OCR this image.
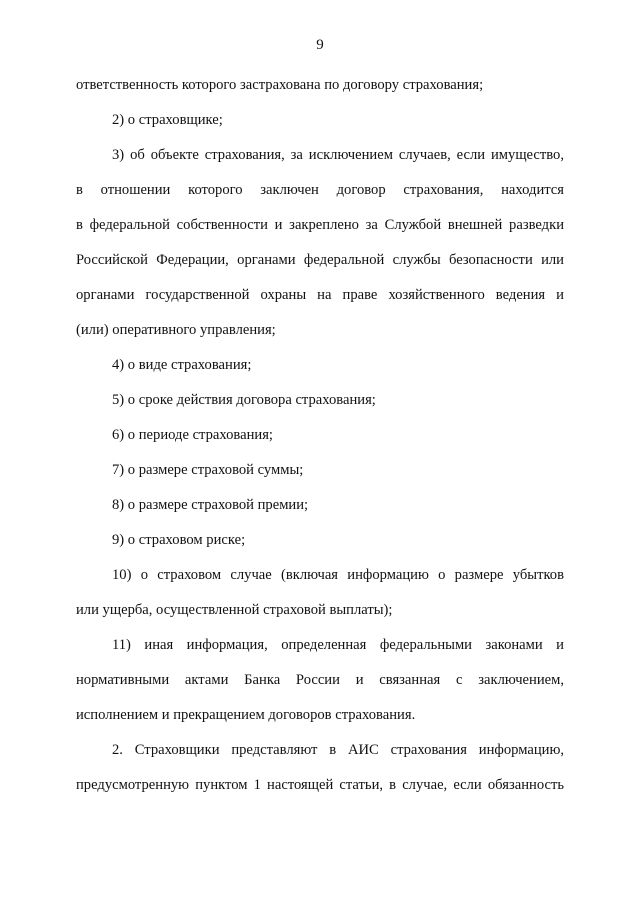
9
ответственность которого застрахована по договору страхования;
2) о страховщике;
3) об объекте страхования, за исключением случаев, если имущество,
в отношении которого заключен договор страхования, находится
в федеральной собственности и закреплено за Службой внешней разведки
Российской Федерации, органами федеральной службы безопасности или
органами государственной охраны на праве хозяйственного ведения и
(или) оперативного управления;
4) о виде страхования;
5) о сроке действия договора страхования;
6) о периоде страхования;
7) о размере страховой суммы;
8) о размере страховой премии;
9) о страховом риске;
10) о страховом случае (включая информацию о размере убытков
или ущерба, осуществленной страховой выплаты);
11) иная информация, определенная федеральными законами и
нормативными актами Банка России и связанная с заключением,
исполнением и прекращением договоров страхования.
2. Страховщики представляют в АИС страхования информацию,
предусмотренную пунктом 1 настоящей статьи, в случае, если обязанность
